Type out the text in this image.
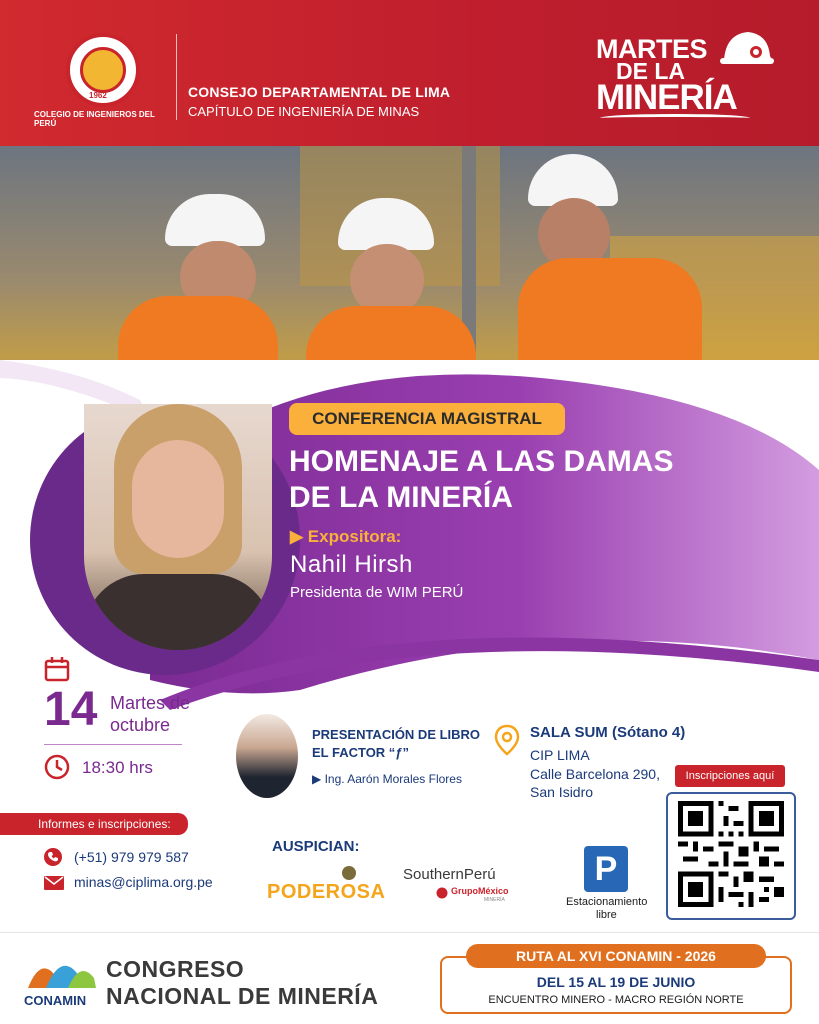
1962
COLEGIO DE INGENIEROS DEL PERÚ
CONSEJO DEPARTAMENTAL DE LIMA
CAPÍTULO DE INGENIERÍA DE MINAS
MARTES
DE LA
MINERÍA
CONFERENCIA MAGISTRAL
HOMENAJE A LAS DAMAS DE LA MINERÍA
▶ Expositora:
Nahil Hirsh
Presidenta de WIM PERÚ
14 Martes de octubre
18:30 hrs
PRESENTACIÓN DE LIBRO EL FACTOR “ƒ”
▶ Ing. Aarón Morales Flores
SALA SUM (Sótano 4)
CIP LIMA
Calle Barcelona 290,
San Isidro
Inscripciones aquí
Informes e inscripciones:
(+51) 979 979 587
minas@ciplima.org.pe
AUSPICIAN:
PODEROSA
SouthernPerú
GrupoMéxico
MINERÍA
P
Estacionamiento
libre
CONAMIN
CONGRESO
NACIONAL DE MINERÍA
RUTA AL XVI CONAMIN - 2026
DEL 15 AL 19 DE JUNIO
ENCUENTRO MINERO - MACRO REGIÓN NORTE
